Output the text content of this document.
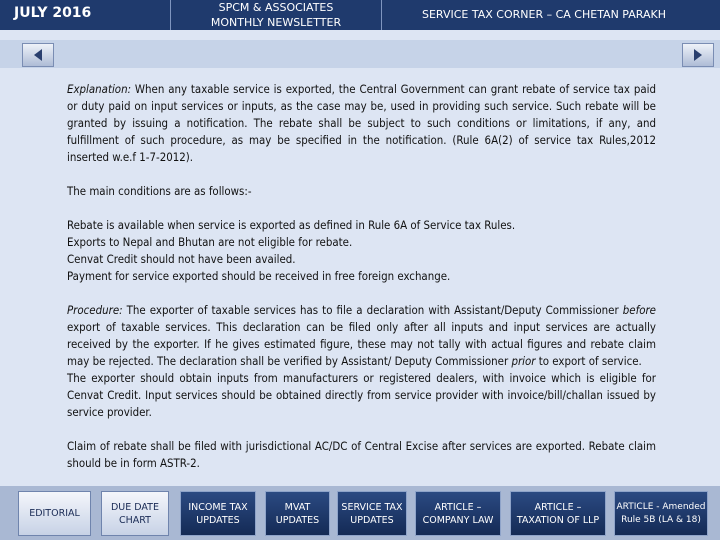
JULY 2016	SPCM & ASSOCIATES
MONTHLY NEWSLETTER
SERVICE TAX CORNER – CA CHETAN PARAKH

Explanation: When any taxable service is exported, the Central Government can grant rebate of service tax paid or duty paid on input services or inputs, as the case may be, used in providing such service. Such rebate will be granted by issuing a notification. The rebate shall be subject to such conditions or limitations, if any, and fulfillment of such procedure, as may be specified in the notification. (Rule 6A(2) of service tax Rules,2012 inserted w.e.f 1-7-2012).

The main conditions are as follows:-

Rebate is available when service is exported as defined in Rule 6A of Service tax Rules.

Exports to Nepal and Bhutan are not eligible for rebate.

Cenvat Credit should not have been availed.

Payment for service exported should be received in free foreign exchange.

Procedure: The exporter of taxable services has to file a declaration with Assistant/Deputy Commissioner before export of taxable services. This declaration can be filed only after all inputs and input services are actually received by the exporter. If he gives estimated figure, these may not tally with actual figures and rebate claim may be rejected. The declaration shall be verified by Assistant/ Deputy Commissioner prior to export of service.

The exporter should obtain inputs from manufacturers or registered dealers, with invoice which is eligible for Cenvat Credit. Input services should be obtained directly from service provider with invoice/bill/challan issued by service provider.

Claim of rebate shall be filed with jurisdictional AC/DC of Central Excise after services are exported. Rebate claim should be in form ASTR-2.

EDITORIAL
DUE DATE
CHART
INCOME TAX
UPDATES
MVAT
UPDATES
SERVICE TAX
UPDATES
ARTICLE –
COMPANY LAW
ARTICLE –
TAXATION OF LLP
ARTICLE - Amended
Rule 5B (LA & 18)
